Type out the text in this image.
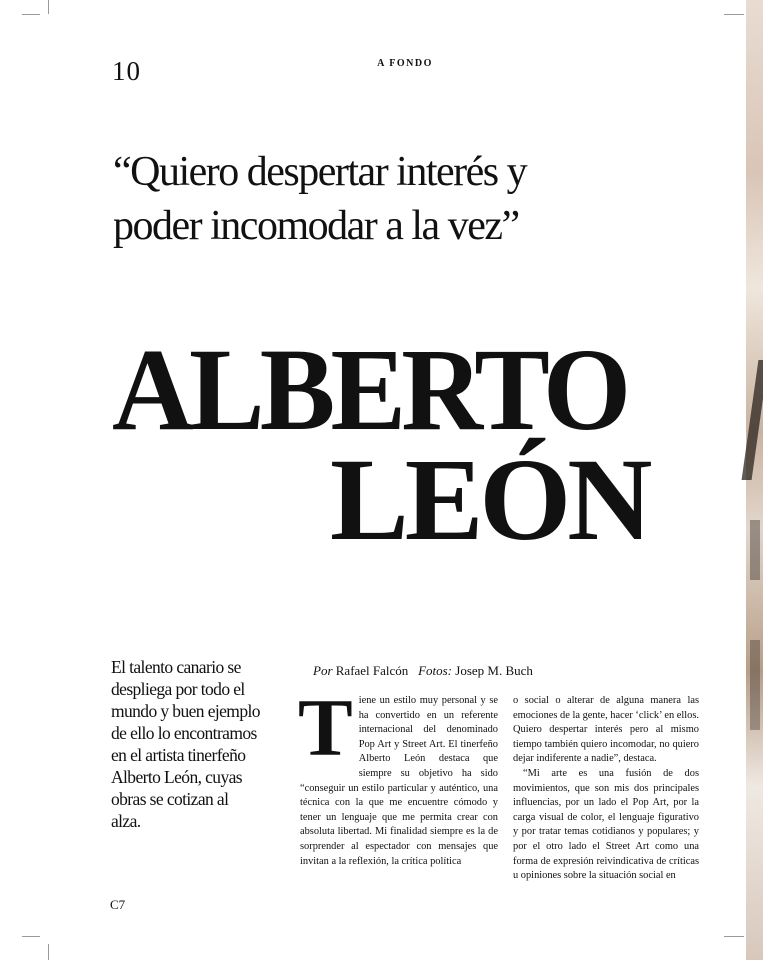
10	A FONDO
“Quiero despertar interés y poder incomodar a la vez”
ALBERTO
LEÓN

El talento canario se despliega por todo el mundo y buen ejemplo de ello lo encontramos en el artista tinerfeño Alberto León, cuyas obras se cotizan al alza.

Por Rafael Falcón Fotos: Josep M. Buch
T iene un estilo muy personal y se ha convertido en un referente internacional del denominado Pop Art y Street Art. El tinerfeño Alberto León destaca que siempre su objetivo ha sido “conseguir un estilo particular y auténtico, una técnica con la que me encuentre cómodo y tener un lenguaje que me permita crear con absoluta libertad. Mi finalidad siempre es la de sorprender al espectador con mensajes que invitan a la reflexión, la crítica política
o social o alterar de alguna manera las emociones de la gente, hacer ‘click’ en ellos. Quiero despertar interés pero al mismo tiempo también quiero incomodar, no quiero dejar indiferente a nadie”, destaca.
“Mi arte es una fusión de dos movimientos, que son mis dos principales influencias, por un lado el Pop Art, por la carga visual de color, el lenguaje figurativo y por tratar temas cotidianos y populares; y por el otro lado el Street Art como una forma de expresión reivindicativa de críticas u opiniones sobre la situación social en
C7
